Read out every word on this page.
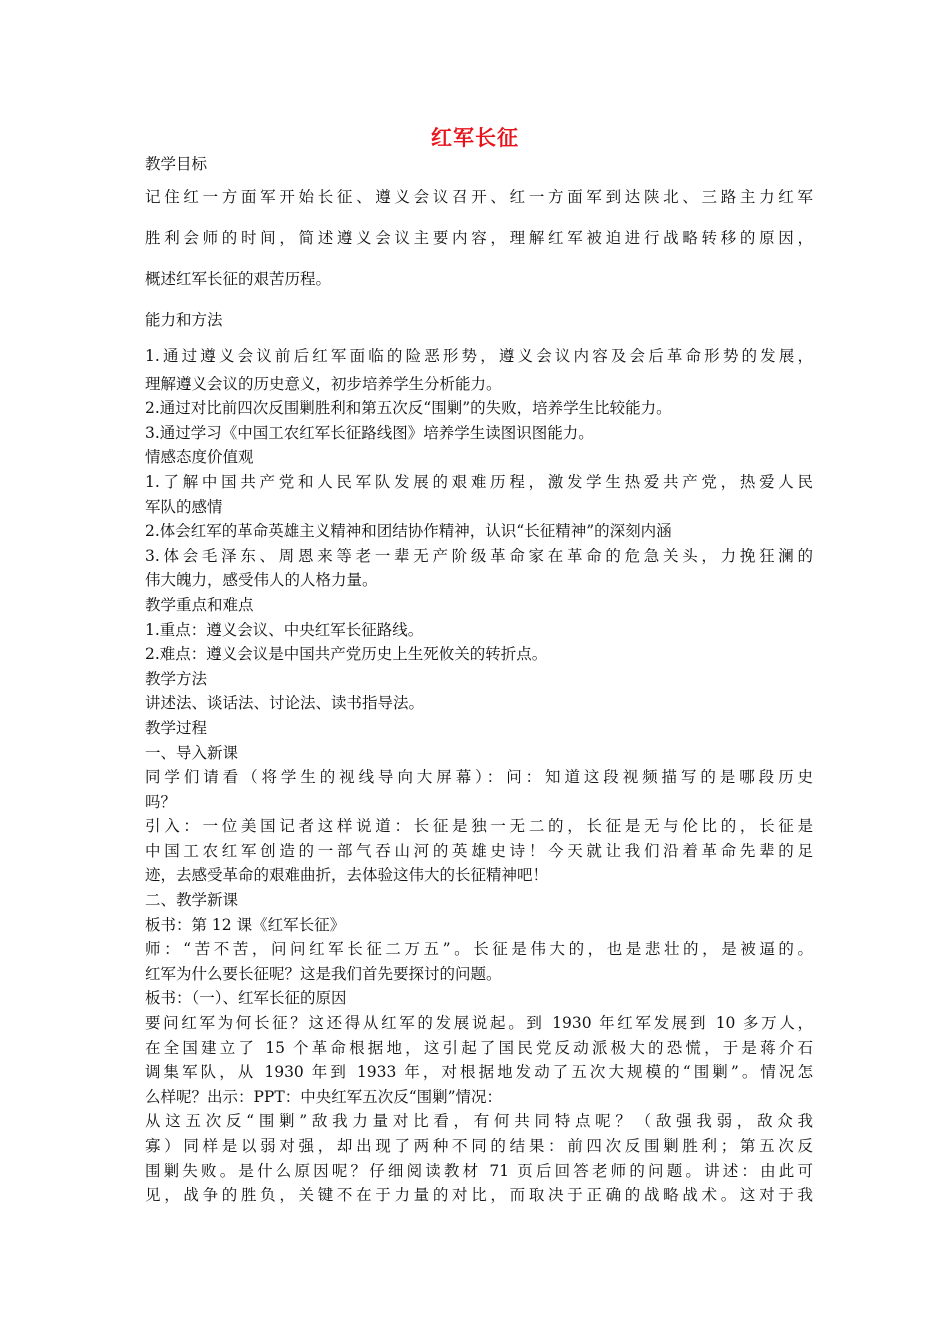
红军长征
教学目标
记住红一方面军开始长征、遵义会议召开、红一方面军到达陕北、三路主力红军
胜利会师的时间，简述遵义会议主要内容，理解红军被迫进行战略转移的原因，
概述红军长征的艰苦历程。
能力和方法
1.通过遵义会议前后红军面临的险恶形势，遵义会议内容及会后革命形势的发展，
理解遵义会议的历史意义，初步培养学生分析能力。
2.通过对比前四次反围剿胜利和第五次反“围剿”的失败，培养学生比较能力。
3.通过学习《中国工农红军长征路线图》培养学生读图识图能力。
情感态度价值观
1.了解中国共产党和人民军队发展的艰难历程，激发学生热爱共产党，热爱人民
军队的感情
2.体会红军的革命英雄主义精神和团结协作精神，认识“长征精神”的深刻内涵
3.体会毛泽东、周恩来等老一辈无产阶级革命家在革命的危急关头，力挽狂澜的
伟大魄力，感受伟人的人格力量。
教学重点和难点
1.重点：遵义会议、中央红军长征路线。
2.难点：遵义会议是中国共产党历史上生死攸关的转折点。
教学方法
讲述法、谈话法、讨论法、读书指导法。
教学过程
一、导入新课
同学们请看（将学生的视线导向大屏幕）：问：知道这段视频描写的是哪段历史
吗？
引入：一位美国记者这样说道：长征是独一无二的，长征是无与伦比的，长征是
中国工农红军创造的一部气吞山河的英雄史诗！今天就让我们沿着革命先辈的足
迹，去感受革命的艰难曲折，去体验这伟大的长征精神吧！
二、教学新课
板书：第 12 课《红军长征》
师：“苦不苦，问问红军长征二万五”。长征是伟大的，也是悲壮的，是被逼的。
红军为什么要长征呢？这是我们首先要探讨的问题。
板书：（一）、红军长征的原因
要问红军为何长征？这还得从红军的发展说起。到 1930 年红军发展到 10 多万人，
在全国建立了 15 个革命根据地，这引起了国民党反动派极大的恐慌，于是蒋介石
调集军队，从 1930 年到 1933 年，对根据地发动了五次大规模的“围剿”。情况怎
么样呢？出示：PPT：中央红军五次反“围剿”情况：
从这五次反“围剿”敌我力量对比看，有何共同特点呢？（敌强我弱，敌众我
寡）同样是以弱对强，却出现了两种不同的结果：前四次反围剿胜利；第五次反
围剿失败。是什么原因呢？仔细阅读教材 71 页后回答老师的问题。讲述：由此可
见，战争的胜负，关键不在于力量的对比，而取决于正确的战略战术。这对于我
